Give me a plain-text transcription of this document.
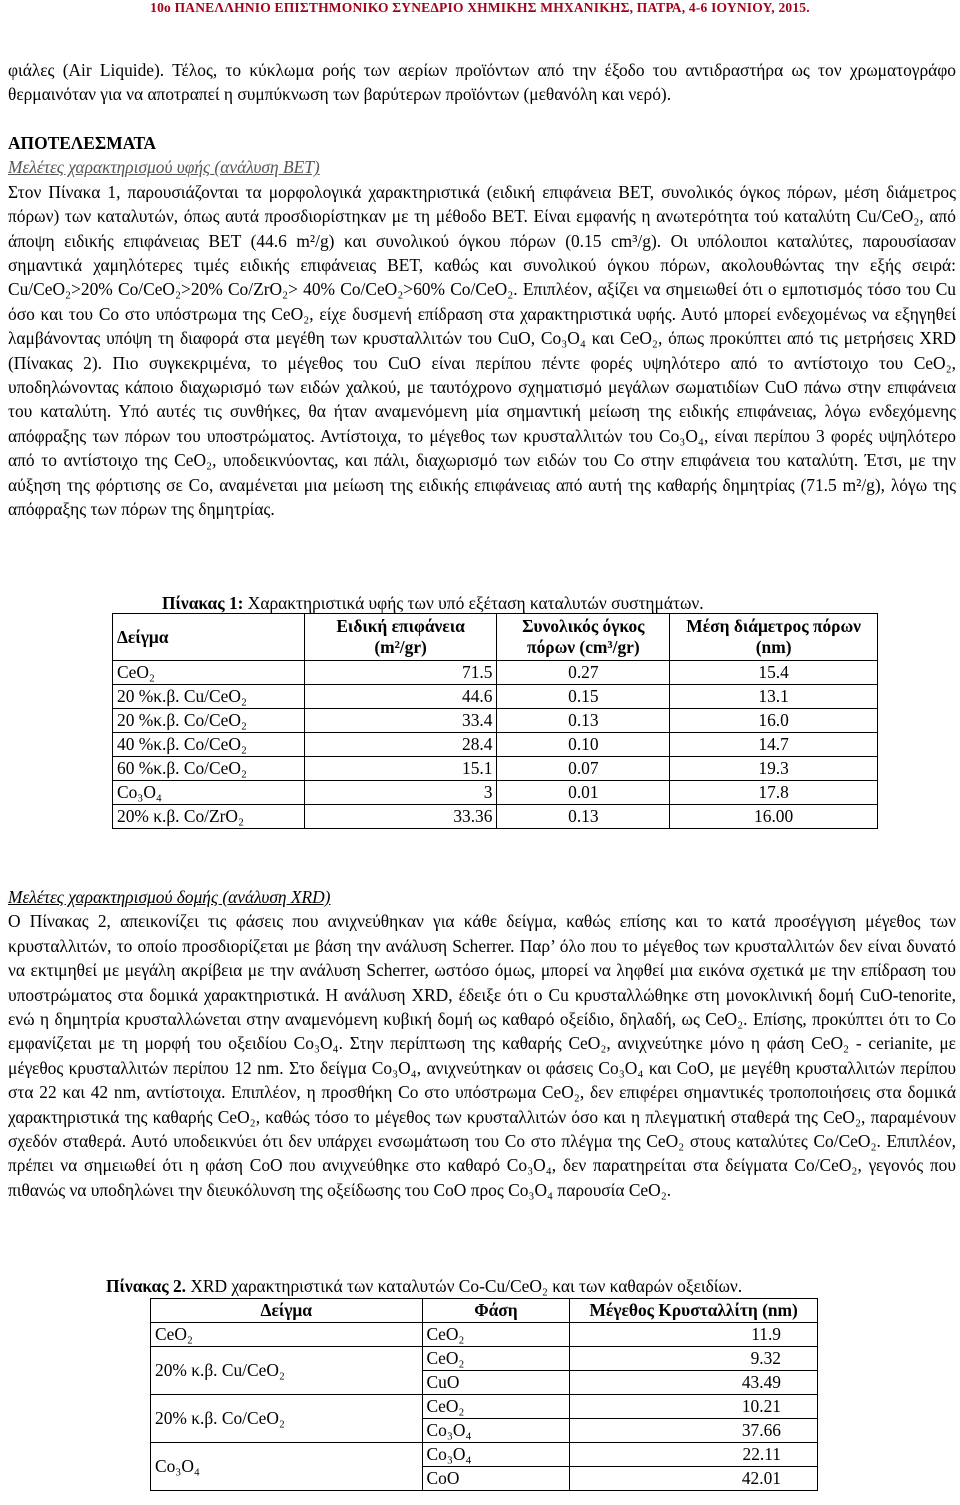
10ο ΠΑΝΕΛΛΗΝΙΟ ΕΠΙΣΤΗΜΟΝΙΚΟ ΣΥΝΕΔΡΙΟ ΧΗΜΙΚΗΣ ΜΗΧΑΝΙΚΗΣ, ΠΑΤΡΑ, 4-6 ΙΟΥΝΙΟΥ, 2015.

φιάλες (Air Liquide). Τέλος, το κύκλωμα ροής των αερίων προϊόντων από την έξοδο του αντιδραστήρα ως τον χρωματογράφο θερμαινόταν για να αποτραπεί η συμπύκνωση των βαρύτερων προϊόντων (μεθανόλη και νερό).

ΑΠΟΤΕΛΕΣΜΑΤΑ
Μελέτες χαρακτηρισμού υφής (ανάλυση BET)

Στον Πίνακα 1, παρουσιάζονται τα μορφολογικά χαρακτηριστικά (ειδική επιφάνεια BET, συνολικός όγκος πόρων, μέση διάμετρος πόρων) των καταλυτών, όπως αυτά προσδιορίστηκαν με τη μέθοδο BET. Είναι εμφανής η ανωτερότητα τού καταλύτη Cu/CeO₂, από άποψη ειδικής επιφάνειας BET (44.6 m²/g) και συνολικού όγκου πόρων (0.15 cm³/g). Οι υπόλοιποι καταλύτες, παρουσίασαν σημαντικά χαμηλότερες τιμές ειδικής επιφάνειας BET, καθώς και συνολικού όγκου πόρων, ακολουθώντας την εξής σειρά: Cu/CeO₂>20% Co/CeO₂>20% Co/ZrO₂> 40% Co/CeO₂>60% Co/CeO₂. Επιπλέον, αξίζει να σημειωθεί ότι ο εμποτισμός τόσο του Cu όσο και του Co στο υπόστρωμα της CeO₂, είχε δυσμενή επίδραση στα χαρακτηριστικά υφής. Αυτό μπορεί ενδεχομένως να εξηγηθεί λαμβάνοντας υπόψη τη διαφορά στα μεγέθη των κρυσταλλιτών του CuO, Co₃O₄ και CeO₂, όπως προκύπτει από τις μετρήσεις XRD (Πίνακας 2). Πιο συγκεκριμένα, το μέγεθος του CuO είναι περίπου πέντε φορές υψηλότερο από το αντίστοιχο του CeO₂, υποδηλώνοντας κάποιο διαχωρισμό των ειδών χαλκού, με ταυτόχρονο σχηματισμό μεγάλων σωματιδίων CuO πάνω στην επιφάνεια του καταλύτη. Υπό αυτές τις συνθήκες, θα ήταν αναμενόμενη μία σημαντική μείωση της ειδικής επιφάνειας, λόγω ενδεχόμενης απόφραξης των πόρων του υποστρώματος. Αντίστοιχα, το μέγεθος των κρυσταλλιτών του Co₃O₄, είναι περίπου 3 φορές υψηλότερο από το αντίστοιχο της CeO₂, υποδεικνύοντας, και πάλι, διαχωρισμό των ειδών του Co στην επιφάνεια του καταλύτη. Έτσι, με την αύξηση της φόρτισης σε Co, αναμένεται μια μείωση της ειδικής επιφάνειας από αυτή της καθαρής δημητρίας (71.5 m²/g), λόγω της απόφραξης των πόρων της δημητρίας.

Πίνακας 1: Χαρακτηριστικά υφής των υπό εξέταση καταλυτών συστημάτων.
Δείγμα	Ειδική επιφάνεια (m²/gr)	Συνολικός όγκος πόρων (cm³/gr)	Μέση διάμετρος πόρων (nm)
CeO₂	71.5	0.27	15.4
20 %κ.β. Cu/CeO₂	44.6	0.15	13.1
20 %κ.β. Co/CeO₂	33.4	0.13	16.0
40 %κ.β. Co/CeO₂	28.4	0.10	14.7
60 %κ.β. Co/CeO₂	15.1	0.07	19.3
Co₃O₄	3	0.01	17.8
20% κ.β. Co/ZrO₂	33.36	0.13	16.00
Μελέτες χαρακτηρισμού δομής (ανάλυση XRD)

Ο Πίνακας 2, απεικονίζει τις φάσεις που ανιχνεύθηκαν για κάθε δείγμα, καθώς επίσης και το κατά προσέγγιση μέγεθος των κρυσταλλιτών, το οποίο προσδιορίζεται με βάση την ανάλυση Scherrer. Παρ’ όλο που το μέγεθος των κρυσταλλιτών δεν είναι δυνατό να εκτιμηθεί με μεγάλη ακρίβεια με την ανάλυση Scherrer, ωστόσο όμως, μπορεί να ληφθεί μια εικόνα σχετικά με την επίδραση του υποστρώματος στα δομικά χαρακτηριστικά. Η ανάλυση XRD, έδειξε ότι ο Cu κρυσταλλώθηκε στη μονοκλινική δομή CuO-tenorite, ενώ η δημητρία κρυσταλλώνεται στην αναμενόμενη κυβική δομή ως καθαρό οξείδιο, δηλαδή, ως CeO₂. Επίσης, προκύπτει ότι το Co εμφανίζεται με τη μορφή του οξειδίου Co₃O₄. Στην περίπτωση της καθαρής CeO₂, ανιχνεύτηκε μόνο η φάση CeO₂ - cerianite, με μέγεθος κρυσταλλιτών περίπου 12 nm. Στο δείγμα Co₃O₄, ανιχνεύτηκαν οι φάσεις Co₃O₄ και CoO, με μεγέθη κρυσταλλιτών περίπου στα 22 και 42 nm, αντίστοιχα. Επιπλέον, η προσθήκη Co στο υπόστρωμα CeO₂, δεν επιφέρει σημαντικές τροποποιήσεις στα δομικά χαρακτηριστικά της καθαρής CeO₂, καθώς τόσο το μέγεθος των κρυσταλλιτών όσο και η πλεγματική σταθερά της CeO₂, παραμένουν σχεδόν σταθερά. Αυτό υποδεικνύει ότι δεν υπάρχει ενσωμάτωση του Co στο πλέγμα της CeO₂ στους καταλύτες Co/CeO₂. Επιπλέον, πρέπει να σημειωθεί ότι η φάση CoO που ανιχνεύθηκε στο καθαρό Co₃O₄, δεν παρατηρείται στα δείγματα Co/CeO₂, γεγονός που πιθανώς να υποδηλώνει την διευκόλυνση της οξείδωσης του CoO προς Co₃O₄ παρουσία CeO₂.

Πίνακας 2. XRD χαρακτηριστικά των καταλυτών Co-Cu/CeO₂ και των καθαρών οξειδίων.
Δείγμα	Φάση	Μέγεθος Κρυσταλλίτη (nm)
CeO₂	CeO₂	11.9
20% κ.β. Cu/CeO₂	CeO₂	9.32
	CuO	43.49
20% κ.β. Co/CeO₂	CeO₂	10.21
	Co₃O₄	37.66
Co₃O₄	Co₃O₄	22.11
	CoO	42.01
